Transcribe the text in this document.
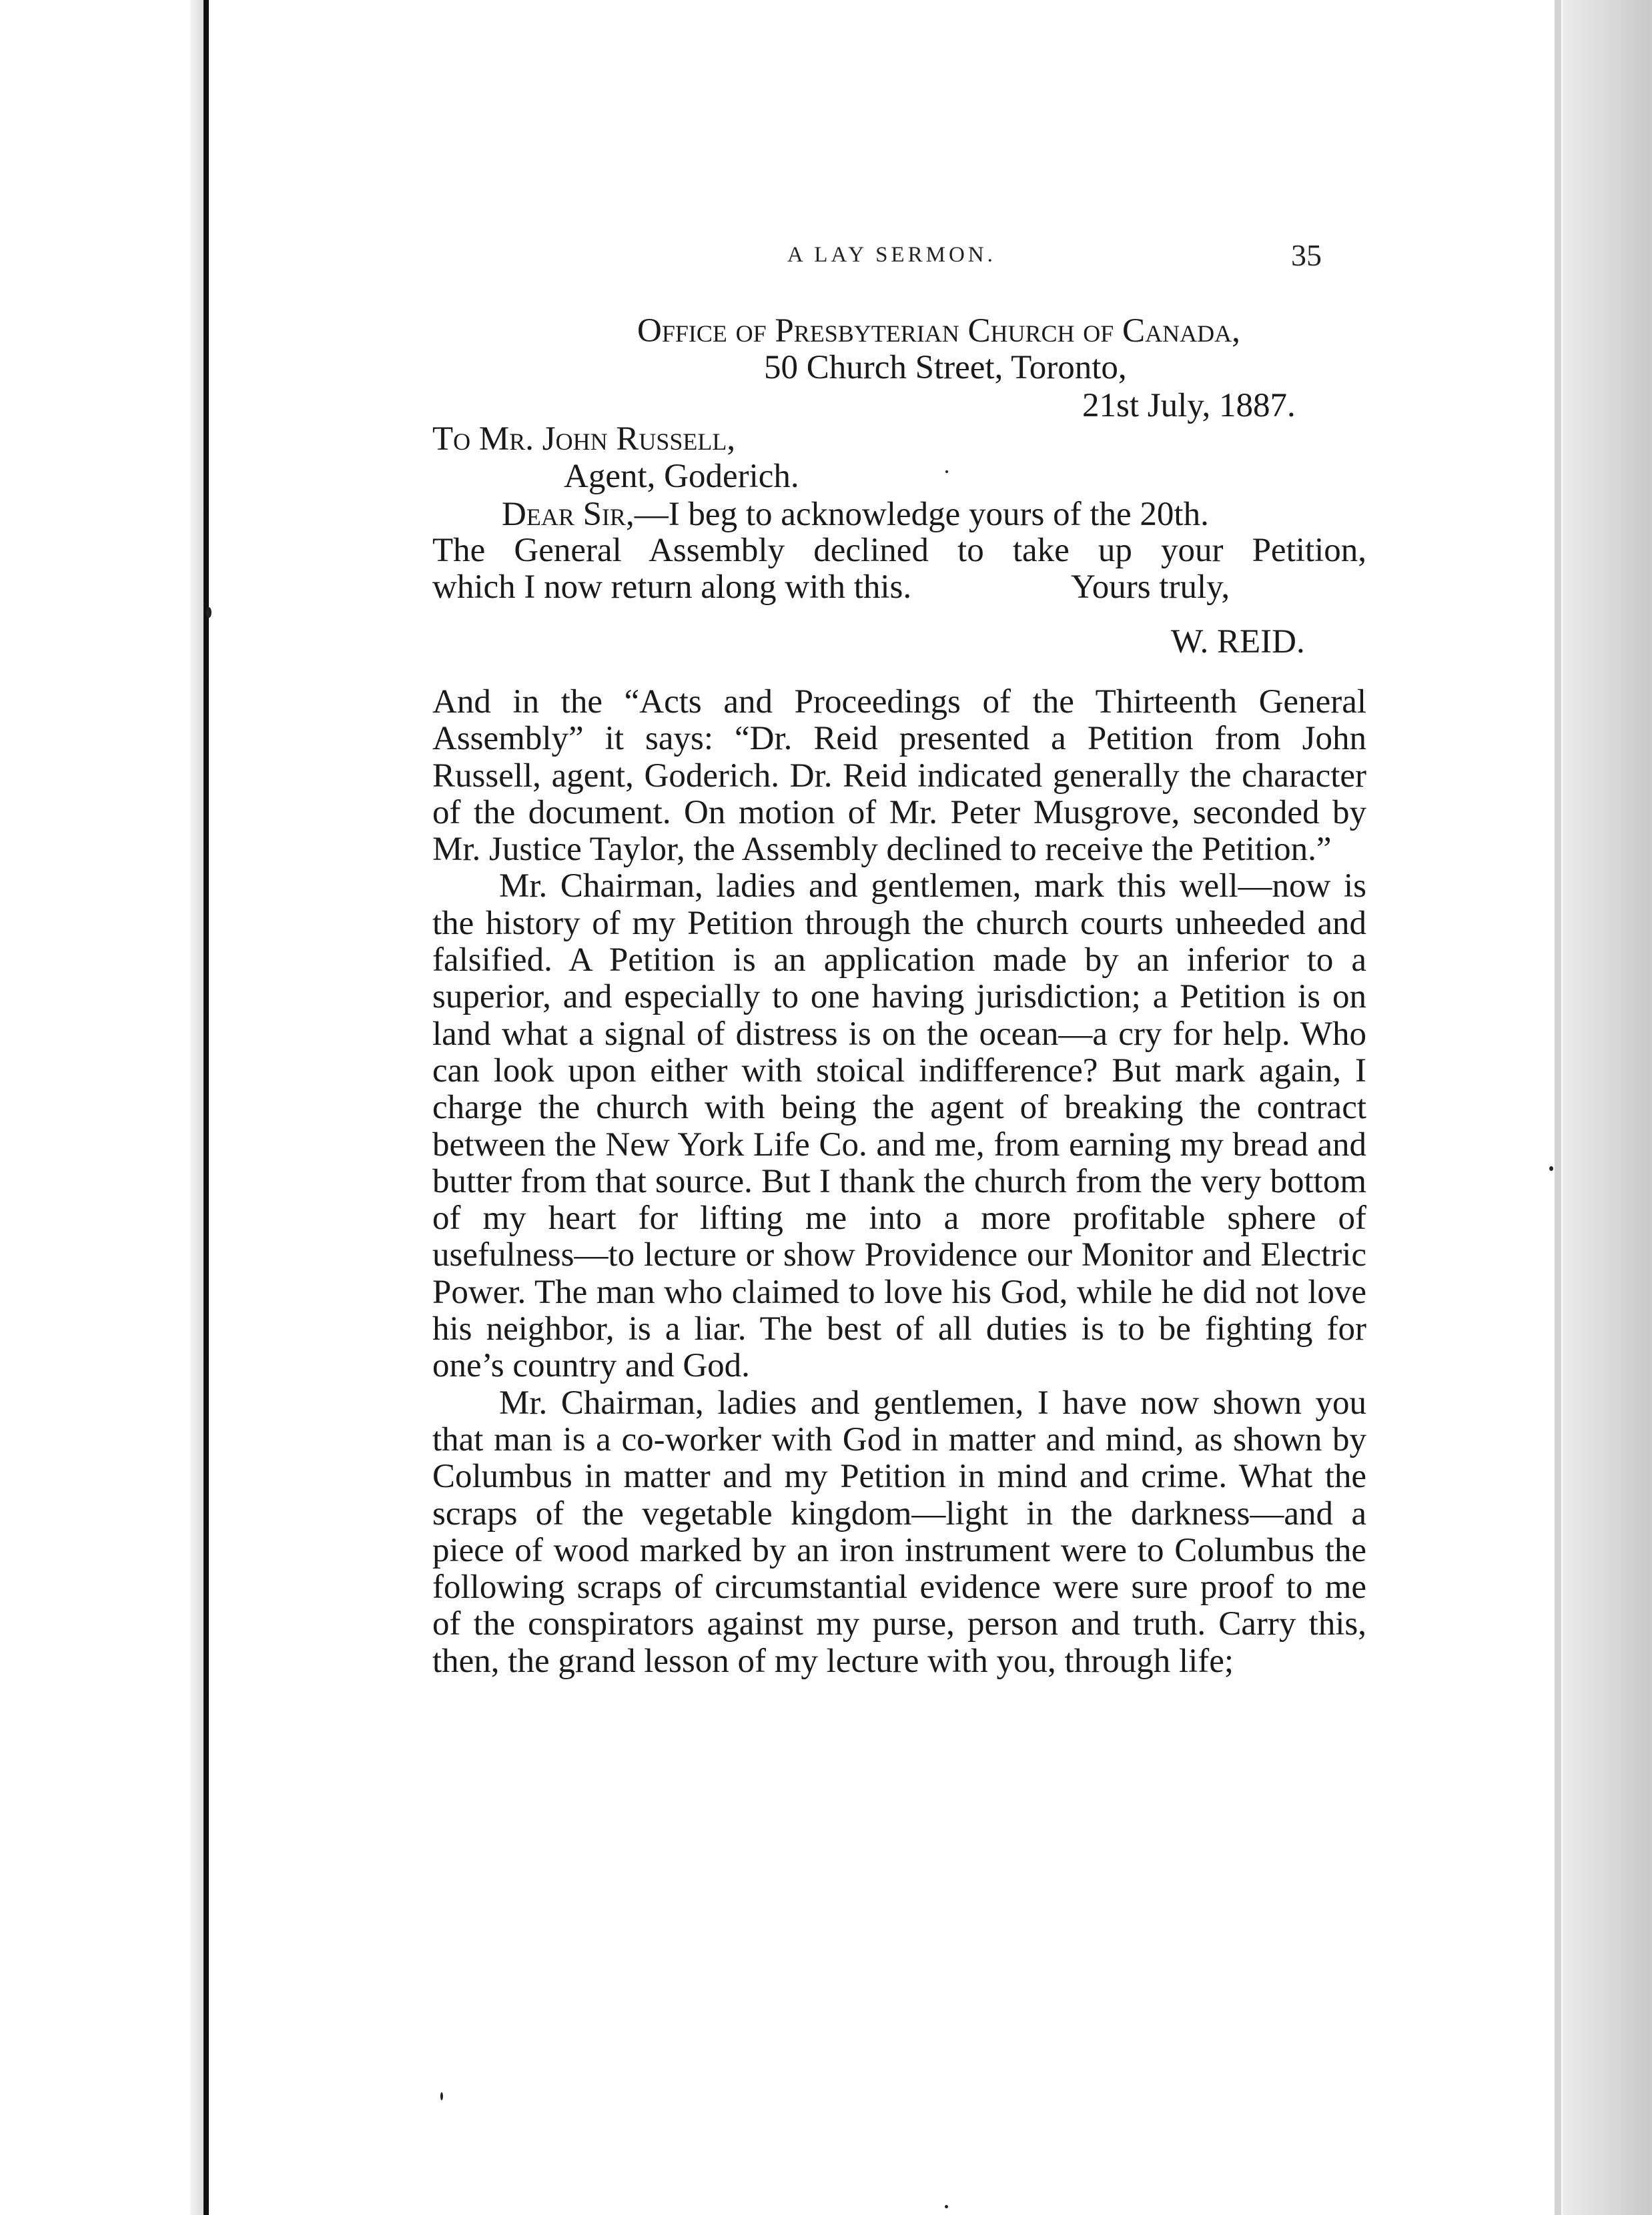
A LAY SERMON.	35
Office of Presbyterian Church of Canada,
50 Church Street, Toronto,
21st July, 1887.
To Mr. John Russell,
Agent, Goderich.
Dear Sir,—I beg to acknowledge yours of the 20th.
The General Assembly declined to take up your Petition,
which I now return along with this.	Yours truly,
W. REID.

And in the “Acts and Proceedings of the Thirteenth General Assembly” it says: “Dr. Reid presented a Petition from John Russell, agent, Goderich. Dr. Reid indicated generally the character of the document. On motion of Mr. Peter Musgrove, seconded by Mr. Justice Taylor, the Assembly declined to receive the Petition.”

Mr. Chairman, ladies and gentlemen, mark this well—now is the history of my Petition through the church courts unheeded and falsified. A Petition is an application made by an inferior to a superior, and especially to one having jurisdiction; a Petition is on land what a signal of distress is on the ocean—a cry for help. Who can look upon either with stoical indifference? But mark again, I charge the church with being the agent of breaking the contract between the New York Life Co. and me, from earning my bread and butter from that source. But I thank the church from the very bottom of my heart for lifting me into a more profitable sphere of usefulness—to lecture or show Providence our Monitor and Electric Power. The man who claimed to love his God, while he did not love his neighbor, is a liar. The best of all duties is to be fighting for one’s country and God.

Mr. Chairman, ladies and gentlemen, I have now shown you that man is a co-worker with God in matter and mind, as shown by Columbus in matter and my Petition in mind and crime. What the scraps of the vegetable kingdom—light in the darkness—and a piece of wood marked by an iron instrument were to Columbus the following scraps of circumstantial evidence were sure proof to me of the conspirators against my purse, person and truth. Carry this, then, the grand lesson of my lecture with you, through life;
